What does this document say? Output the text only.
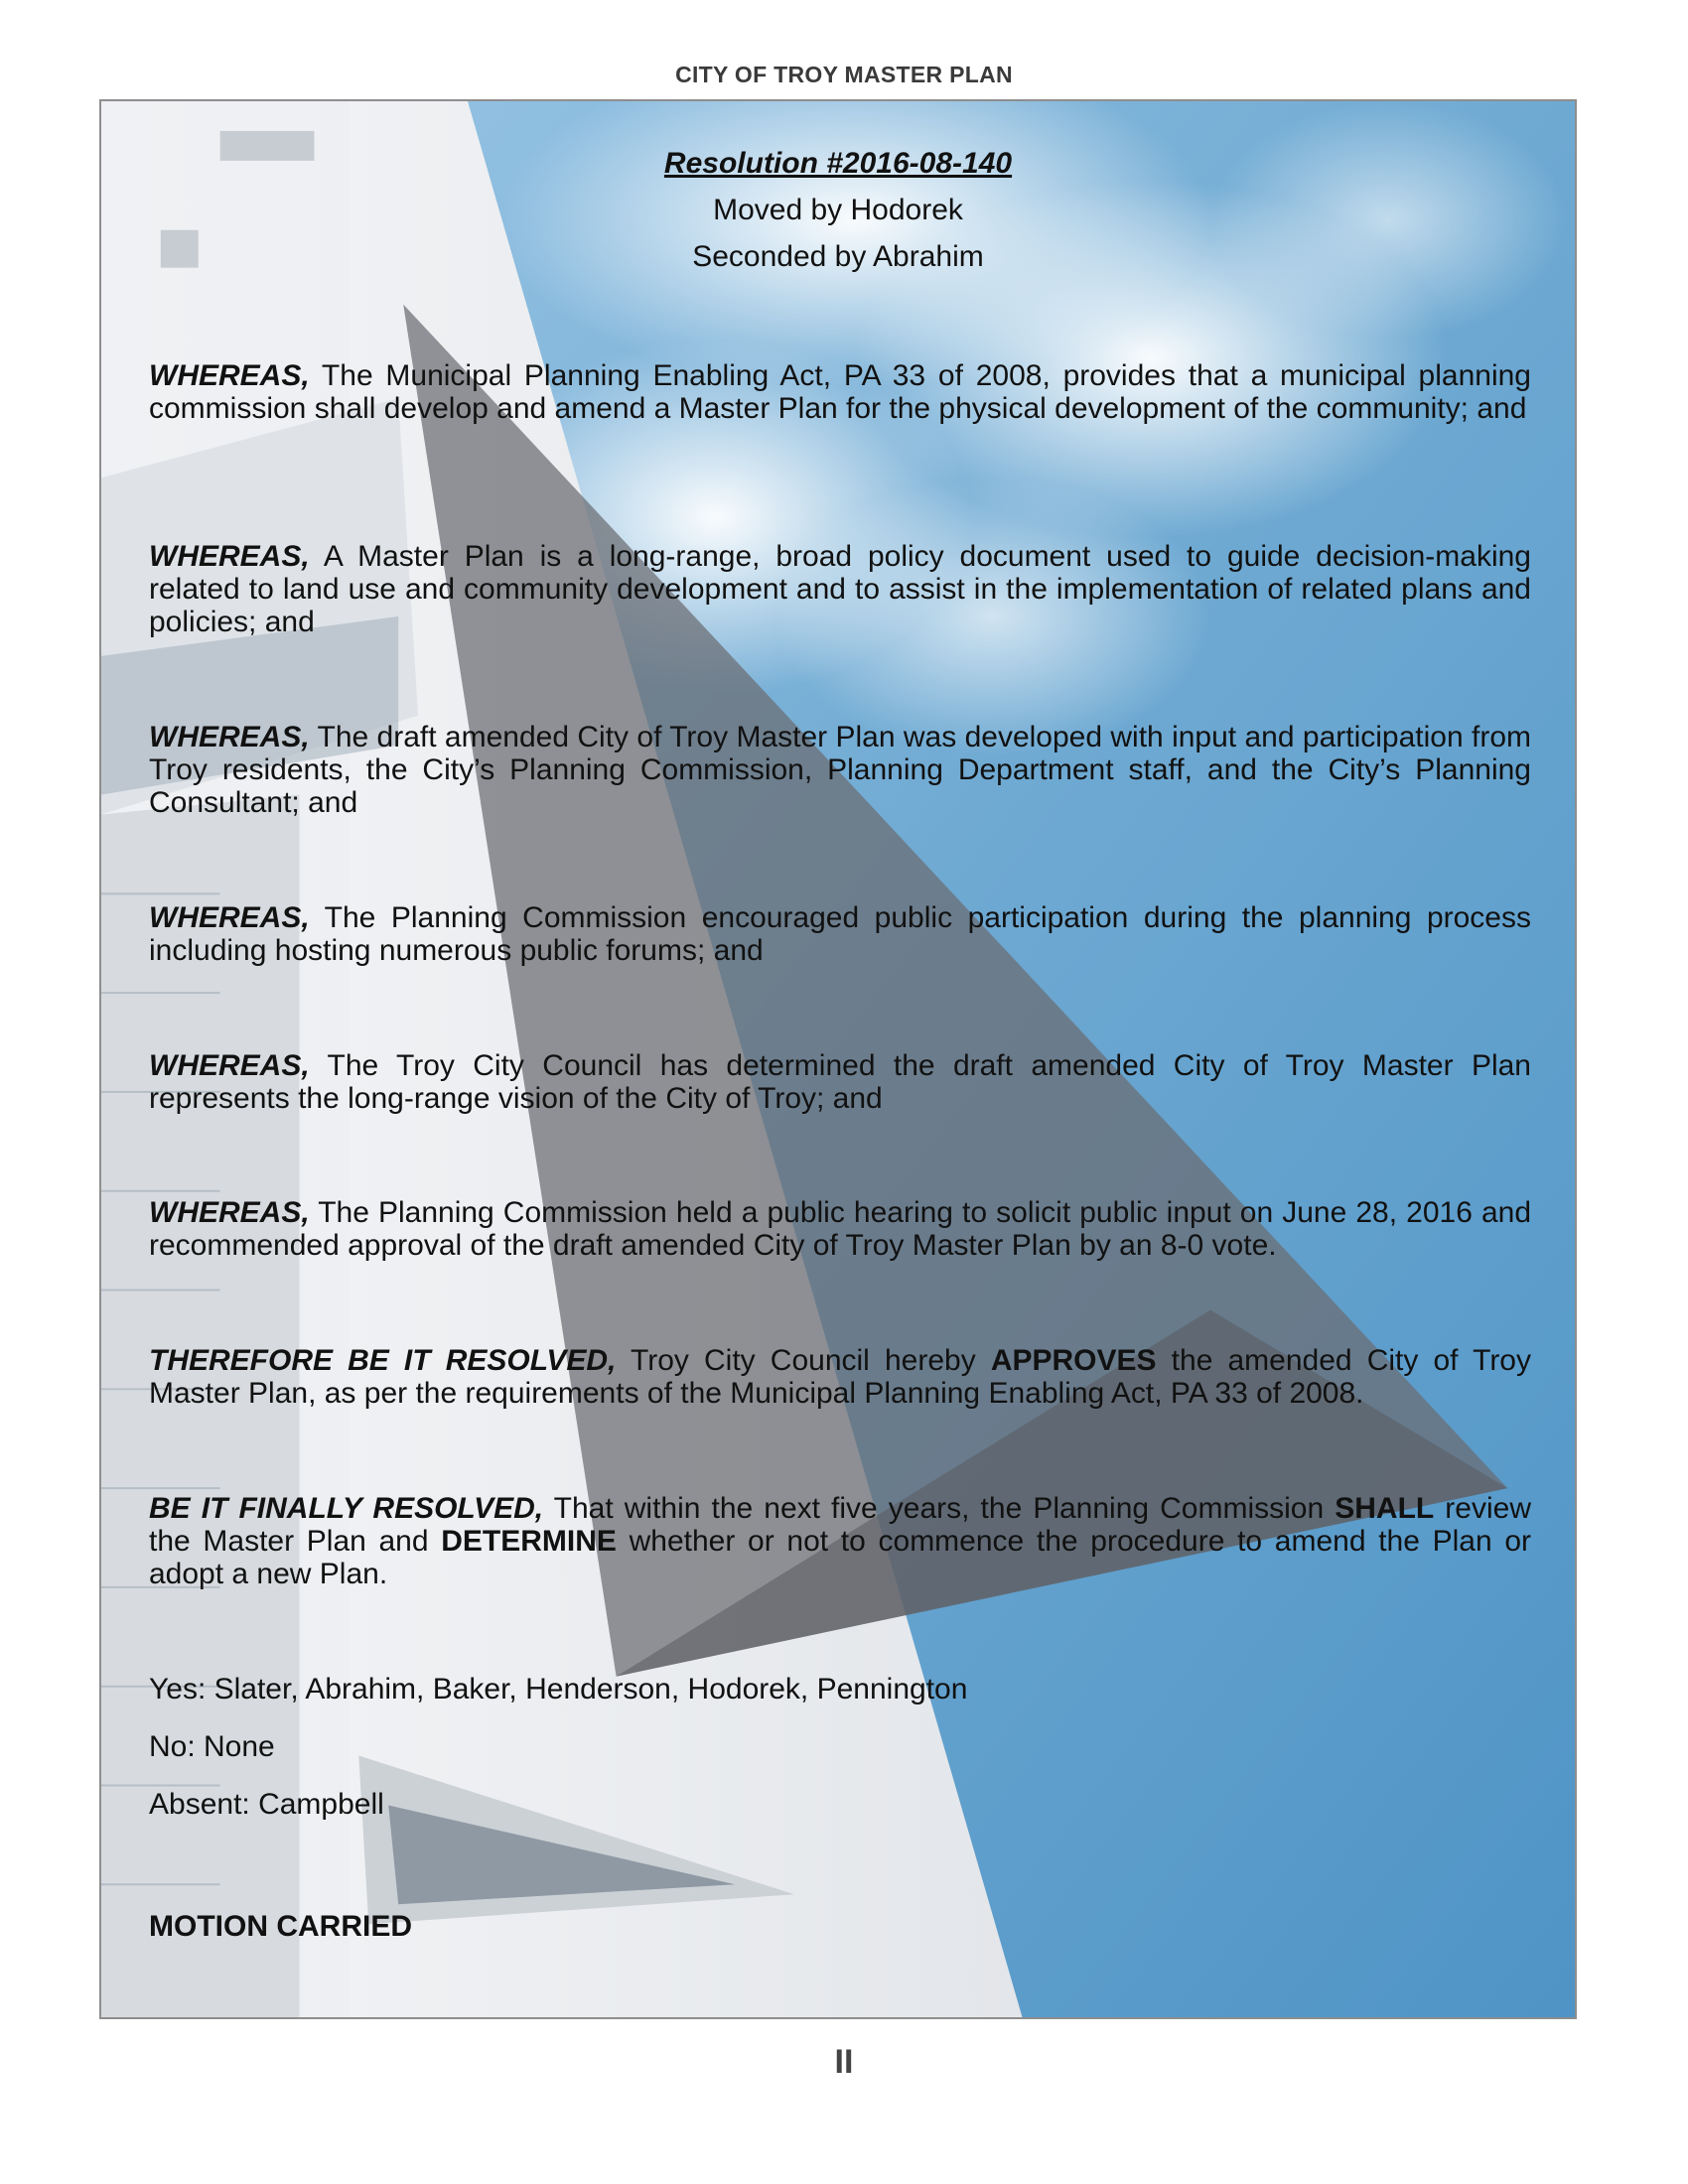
CITY OF TROY MASTER PLAN

Resolution #2016-08-140

Moved by Hodorek

Seconded by Abrahim

WHEREAS, The Municipal Planning Enabling Act, PA 33 of 2008, provides that a municipal planning commission shall develop and amend a Master Plan for the physical development of the community; and
WHEREAS, A Master Plan is a long-range, broad policy document used to guide decision-making related to land use and community development and to assist in the implementation of related plans and policies; and
WHEREAS, The draft amended City of Troy Master Plan was developed with input and participation from Troy residents, the City’s Planning Commission, Planning Department staff, and the City’s Planning Consultant; and
WHEREAS, The Planning Commission encouraged public participation during the planning process including hosting numerous public forums; and
WHEREAS, The Troy City Council has determined the draft amended City of Troy Master Plan represents the long-range vision of the City of Troy; and
WHEREAS, The Planning Commission held a public hearing to solicit public input on June 28, 2016 and recommended approval of the draft amended City of Troy Master Plan by an 8-0 vote.
THEREFORE BE IT RESOLVED, Troy City Council hereby APPROVES the amended City of Troy Master Plan, as per the requirements of the Municipal Planning Enabling Act, PA 33 of 2008.
BE IT FINALLY RESOLVED, That within the next five years, the Planning Commission SHALL review the Master Plan and DETERMINE whether or not to commence the procedure to amend the Plan or adopt a new Plan.
Yes: Slater, Abrahim, Baker, Henderson, Hodorek, Pennington
No: None
Absent: Campbell
MOTION CARRIED
II
